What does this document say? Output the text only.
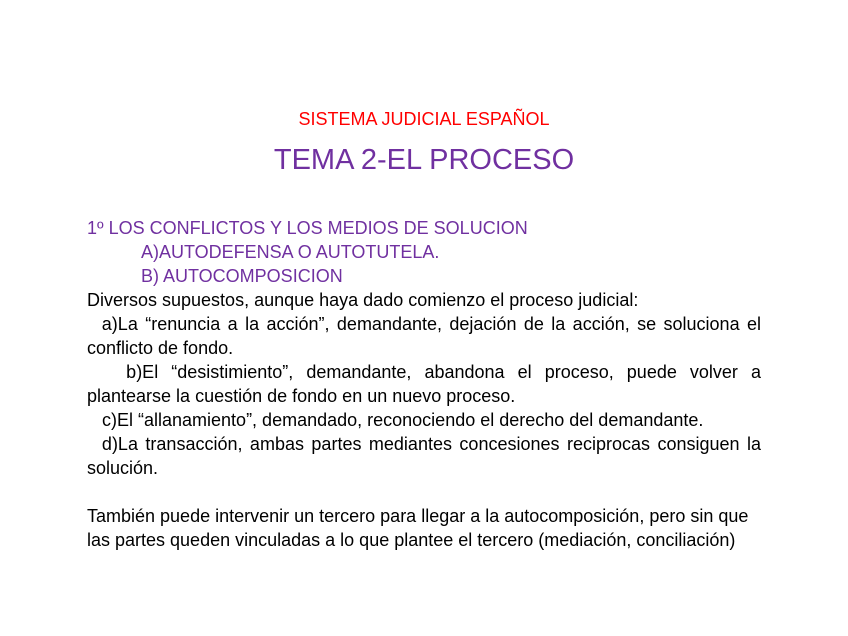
SISTEMA JUDICIAL ESPAÑOL
TEMA 2-EL PROCESO
1º LOS CONFLICTOS Y LOS MEDIOS DE SOLUCION
A)AUTODEFENSA O AUTOTUTELA.
B) AUTOCOMPOSICION
Diversos supuestos, aunque haya dado comienzo el proceso judicial:
a)La “renuncia a la acción”, demandante, dejación de la acción, se soluciona el conflicto de fondo.
b)El “desistimiento”, demandante, abandona el proceso, puede volver a plantearse la cuestión de fondo en un nuevo proceso.
c)El “allanamiento”, demandado, reconociendo el derecho del demandante.
d)La transacción, ambas partes mediantes concesiones reciprocas consiguen la solución.
También puede intervenir un tercero para llegar a la autocomposición, pero sin que las partes queden vinculadas a lo que plantee el tercero (mediación, conciliación)
